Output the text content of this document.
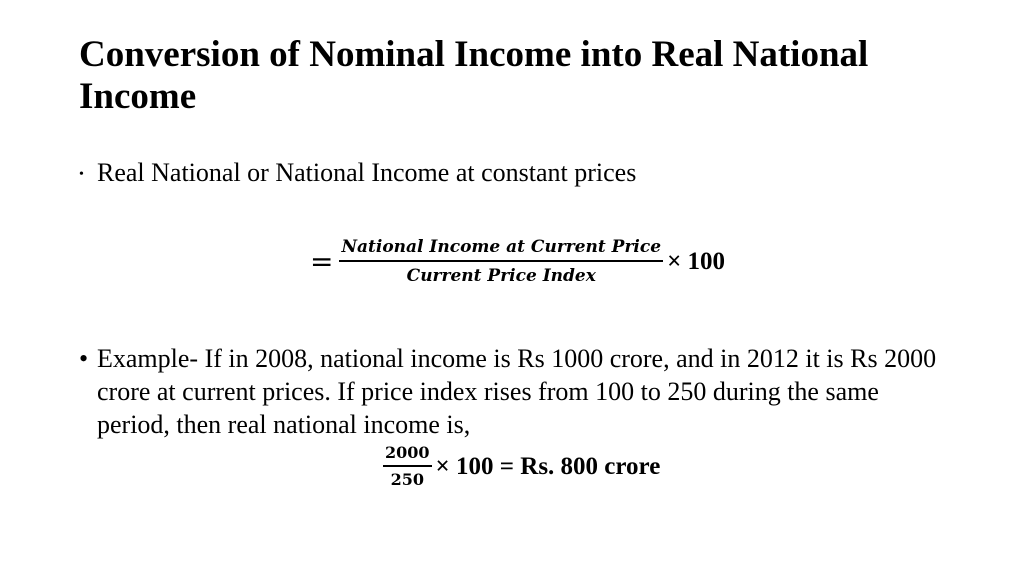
Conversion of Nominal Income into Real National Income
• Real National or National Income at constant prices
= $\frac{\text{National Income at Current Price}}{\text{Current Price Index}} \times 100$
• Example- If in 2008, national income is Rs 1000 crore, and in 2012 it is Rs 2000 crore at current prices. If price index rises from 100 to 250 during the same period, then real national income is,
$\frac{2000}{250} \times 100 = Rs$. 800 crore
